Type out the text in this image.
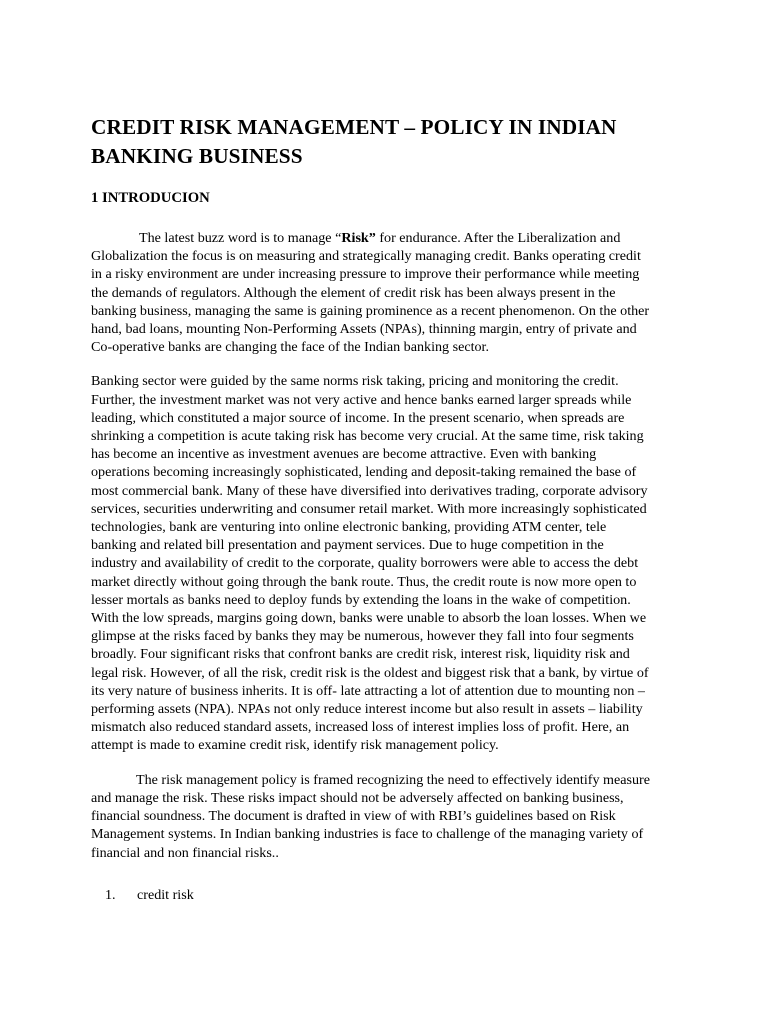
CREDIT RISK MANAGEMENT – POLICY IN INDIAN BANKING BUSINESS
1 INTRODUCION

The latest buzz word is to manage “Risk” for endurance. After the Liberalization and Globalization the focus is on measuring and strategically managing credit. Banks operating credit in a risky environment are under increasing pressure to improve their performance while meeting the demands of regulators. Although the element of credit risk has been always present in the banking business, managing the same is gaining prominence as a recent phenomenon. On the other hand, bad loans, mounting Non-Performing Assets (NPAs), thinning margin, entry of private and Co-operative banks are changing the face of the Indian banking sector.

Banking sector were guided by the same norms risk taking, pricing and monitoring the credit. Further, the investment market was not very active and hence banks earned larger spreads while leading, which constituted a major source of income. In the present scenario, when spreads are shrinking a competition is acute taking risk has become very crucial. At the same time, risk taking has become an incentive as investment avenues are become attractive. Even with banking operations becoming increasingly sophisticated, lending and deposit-taking remained the base of most commercial bank. Many of these have diversified into derivatives trading, corporate advisory services, securities underwriting and consumer retail market. With more increasingly sophisticated technologies, bank are venturing into online electronic banking, providing ATM center, tele banking and related bill presentation and payment services. Due to huge competition in the industry and availability of credit to the corporate, quality borrowers were able to access the debt market directly without going through the bank route. Thus, the credit route is now more open to lesser mortals as banks need to deploy funds by extending the loans in the wake of competition. With the low spreads, margins going down, banks were unable to absorb the loan losses. When we glimpse at the risks faced by banks they may be numerous, however they fall into four segments broadly. Four significant risks that confront banks are credit risk, interest risk, liquidity risk and legal risk. However, of all the risk, credit risk is the oldest and biggest risk that a bank, by virtue of its very nature of business inherits. It is off- late attracting a lot of attention due to mounting non – performing assets (NPA). NPAs not only reduce interest income but also result in assets – liability mismatch also reduced standard assets, increased loss of interest implies loss of profit. Here, an attempt is made to examine credit risk, identify risk management policy.

The risk management policy is framed recognizing the need to effectively identify measure and manage the risk. These risks impact should not be adversely affected on banking business, financial soundness. The document is drafted in view of with RBI’s guidelines based on Risk Management systems. In Indian banking industries is face to challenge of the managing variety of financial and non financial risks..

1. credit risk
